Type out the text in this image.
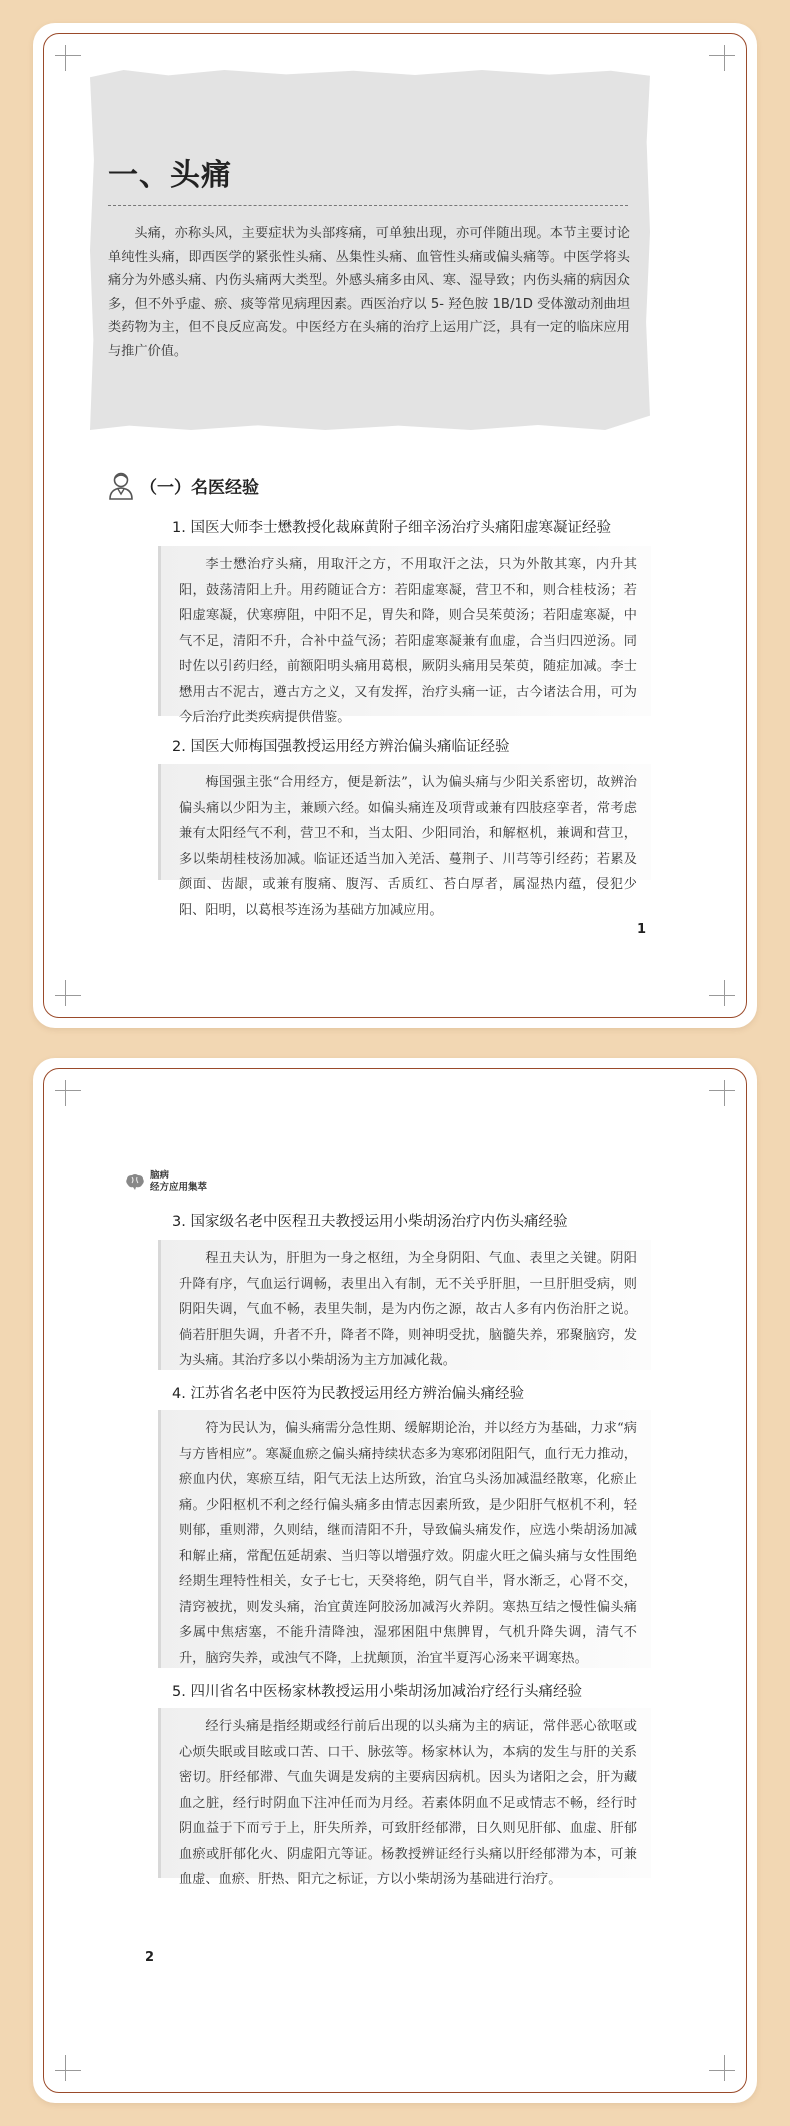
一、头痛
头痛，亦称头风，主要症状为头部疼痛，可单独出现，亦可伴随出现。本节主要讨论单纯性头痛，即西医学的紧张性头痛、丛集性头痛、血管性头痛或偏头痛等。中医学将头痛分为外感头痛、内伤头痛两大类型。外感头痛多由风、寒、湿导致；内伤头痛的病因众多，但不外乎虚、瘀、痰等常见病理因素。西医治疗以 5- 羟色胺 1B/1D 受体激动剂曲坦类药物为主，但不良反应高发。中医经方在头痛的治疗上运用广泛，具有一定的临床应用与推广价值。
（一）名医经验
1. 国医大师李士懋教授化裁麻黄附子细辛汤治疗头痛阳虚寒凝证经验

李士懋治疗头痛，用取汗之方，不用取汗之法，只为外散其寒，内升其阳，鼓荡清阳上升。用药随证合方：若阳虚寒凝，营卫不和，则合桂枝汤；若阳虚寒凝，伏寒痹阻，中阳不足，胃失和降，则合吴茱萸汤；若阳虚寒凝，中气不足，清阳不升，合补中益气汤；若阳虚寒凝兼有血虚，合当归四逆汤。同时佐以引药归经，前额阳明头痛用葛根，厥阴头痛用吴茱萸，随症加减。李士懋用古不泥古，遵古方之义，又有发挥，治疗头痛一证，古今诸法合用，可为今后治疗此类疾病提供借鉴。

2. 国医大师梅国强教授运用经方辨治偏头痛临证经验

梅国强主张“合用经方，便是新法”，认为偏头痛与少阳关系密切，故辨治偏头痛以少阳为主，兼顾六经。如偏头痛连及项背或兼有四肢痉挛者，常考虑兼有太阳经气不利，营卫不和，当太阳、少阳同治，和解枢机，兼调和营卫，多以柴胡桂枝汤加减。临证还适当加入羌活、蔓荆子、川芎等引经药；若累及颜面、齿龈，或兼有腹痛、腹泻、舌质红、苔白厚者，属湿热内蕴，侵犯少阳、阳明，以葛根芩连汤为基础方加减应用。

1
脑病
经方应用集萃
3. 国家级名老中医程丑夫教授运用小柴胡汤治疗内伤头痛经验

程丑夫认为，肝胆为一身之枢纽，为全身阴阳、气血、表里之关键。阴阳升降有序，气血运行调畅，表里出入有制，无不关乎肝胆，一旦肝胆受病，则阴阳失调，气血不畅，表里失制，是为内伤之源，故古人多有内伤治肝之说。倘若肝胆失调，升者不升，降者不降，则神明受扰，脑髓失养，邪聚脑窍，发为头痛。其治疗多以小柴胡汤为主方加减化裁。

4. 江苏省名老中医符为民教授运用经方辨治偏头痛经验

符为民认为，偏头痛需分急性期、缓解期论治，并以经方为基础，力求“病与方皆相应”。寒凝血瘀之偏头痛持续状态多为寒邪闭阻阳气，血行无力推动，瘀血内伏，寒瘀互结，阳气无法上达所致，治宜乌头汤加减温经散寒，化瘀止痛。少阳枢机不利之经行偏头痛多由情志因素所致，是少阳肝气枢机不利，轻则郁，重则滞，久则结，继而清阳不升，导致偏头痛发作，应选小柴胡汤加减和解止痛，常配伍延胡索、当归等以增强疗效。阴虚火旺之偏头痛与女性围绝经期生理特性相关，女子七七，天癸将绝，阴气自半，肾水渐乏，心肾不交，清窍被扰，则发头痛，治宜黄连阿胶汤加减泻火养阴。寒热互结之慢性偏头痛多属中焦痞塞，不能升清降浊，湿邪困阻中焦脾胃，气机升降失调，清气不升，脑窍失养，或浊气不降，上扰颠顶，治宜半夏泻心汤来平调寒热。

5. 四川省名中医杨家林教授运用小柴胡汤加减治疗经行头痛经验

经行头痛是指经期或经行前后出现的以头痛为主的病证，常伴恶心欲呕或心烦失眠或目眩或口苦、口干、脉弦等。杨家林认为，本病的发生与肝的关系密切。肝经郁滞、气血失调是发病的主要病因病机。因头为诸阳之会，肝为藏血之脏，经行时阴血下注冲任而为月经。若素体阴血不足或情志不畅，经行时阴血益于下而亏于上，肝失所养，可致肝经郁滞，日久则见肝郁、血虚、肝郁血瘀或肝郁化火、阴虚阳亢等证。杨教授辨证经行头痛以肝经郁滞为本，可兼血虚、血瘀、肝热、阳亢之标证，方以小柴胡汤为基础进行治疗。

2
